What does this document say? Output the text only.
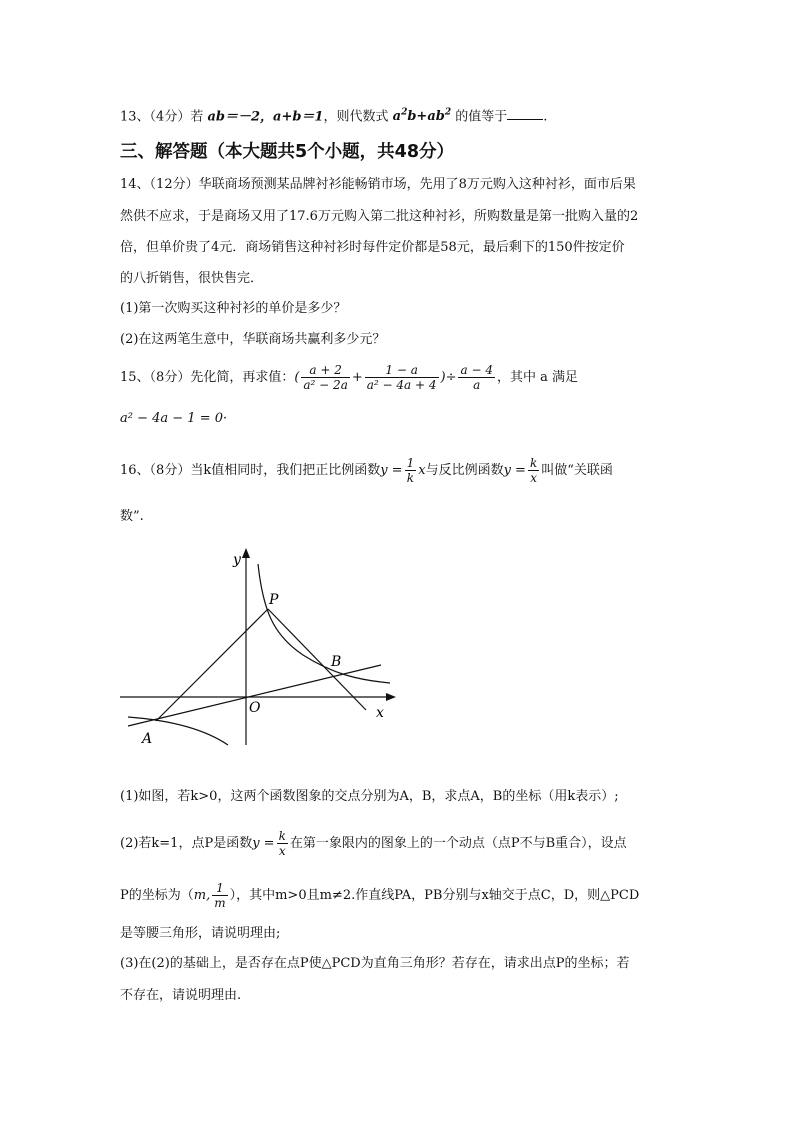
13、（4分）若 ab＝－2，a+b＝1，则代数式 $a^2b+ab^2$ 的值等于	.
三、解答题（本大题共5个小题，共48分）
14、（12分）华联商场预测某品牌衬衫能畅销市场，先用了8万元购入这种衬衫，面市后果
然供不应求，于是商场又用了17.6万元购入第二批这种衬衫，所购数量是第一批购入量的2
倍，但单价贵了4元．商场销售这种衬衫时每件定价都是58元，最后剩下的150件按定价
的八折销售，很快售完．
(1)第一次购买这种衬衫的单价是多少？
(2)在这两笔生意中，华联商场共赢利多少元？
15、（8分）先化简，再求值：( $\frac{a + 2}{\text{a² − 2a}} + \frac{1 - a}{\text{a² − 4a + 4}}$ )÷ $\frac{a - 4}{a}$ ，其中 a 满足
a² − 4a − 1 = 0·
16、（8分）当k值相同时，我们把正比例函数$y = \frac{1}{k}$ x与反比例函数$y = \frac{k}{x}$ 叫做“关联函
数”.
y
x
O
P
A
B
(1)如图，若k>0，这两个函数图象的交点分别为A，B，求点A，B的坐标（用k表示）;
(2)若k=1，点P是函数$y = \frac{k}{x}$ 在第一象限内的图象上的一个动点（点P不与B重合），设点
P的坐标为（m, $\frac{1}{m}$ ），其中m>0且m≠2.作直线PA，PB分别与x轴交于点C，D，则△PCD
是等腰三角形，请说明理由;
(3)在(2)的基础上，是否存在点P使△PCD为直角三角形？若存在，请求出点P的坐标；若
不存在，请说明理由.
